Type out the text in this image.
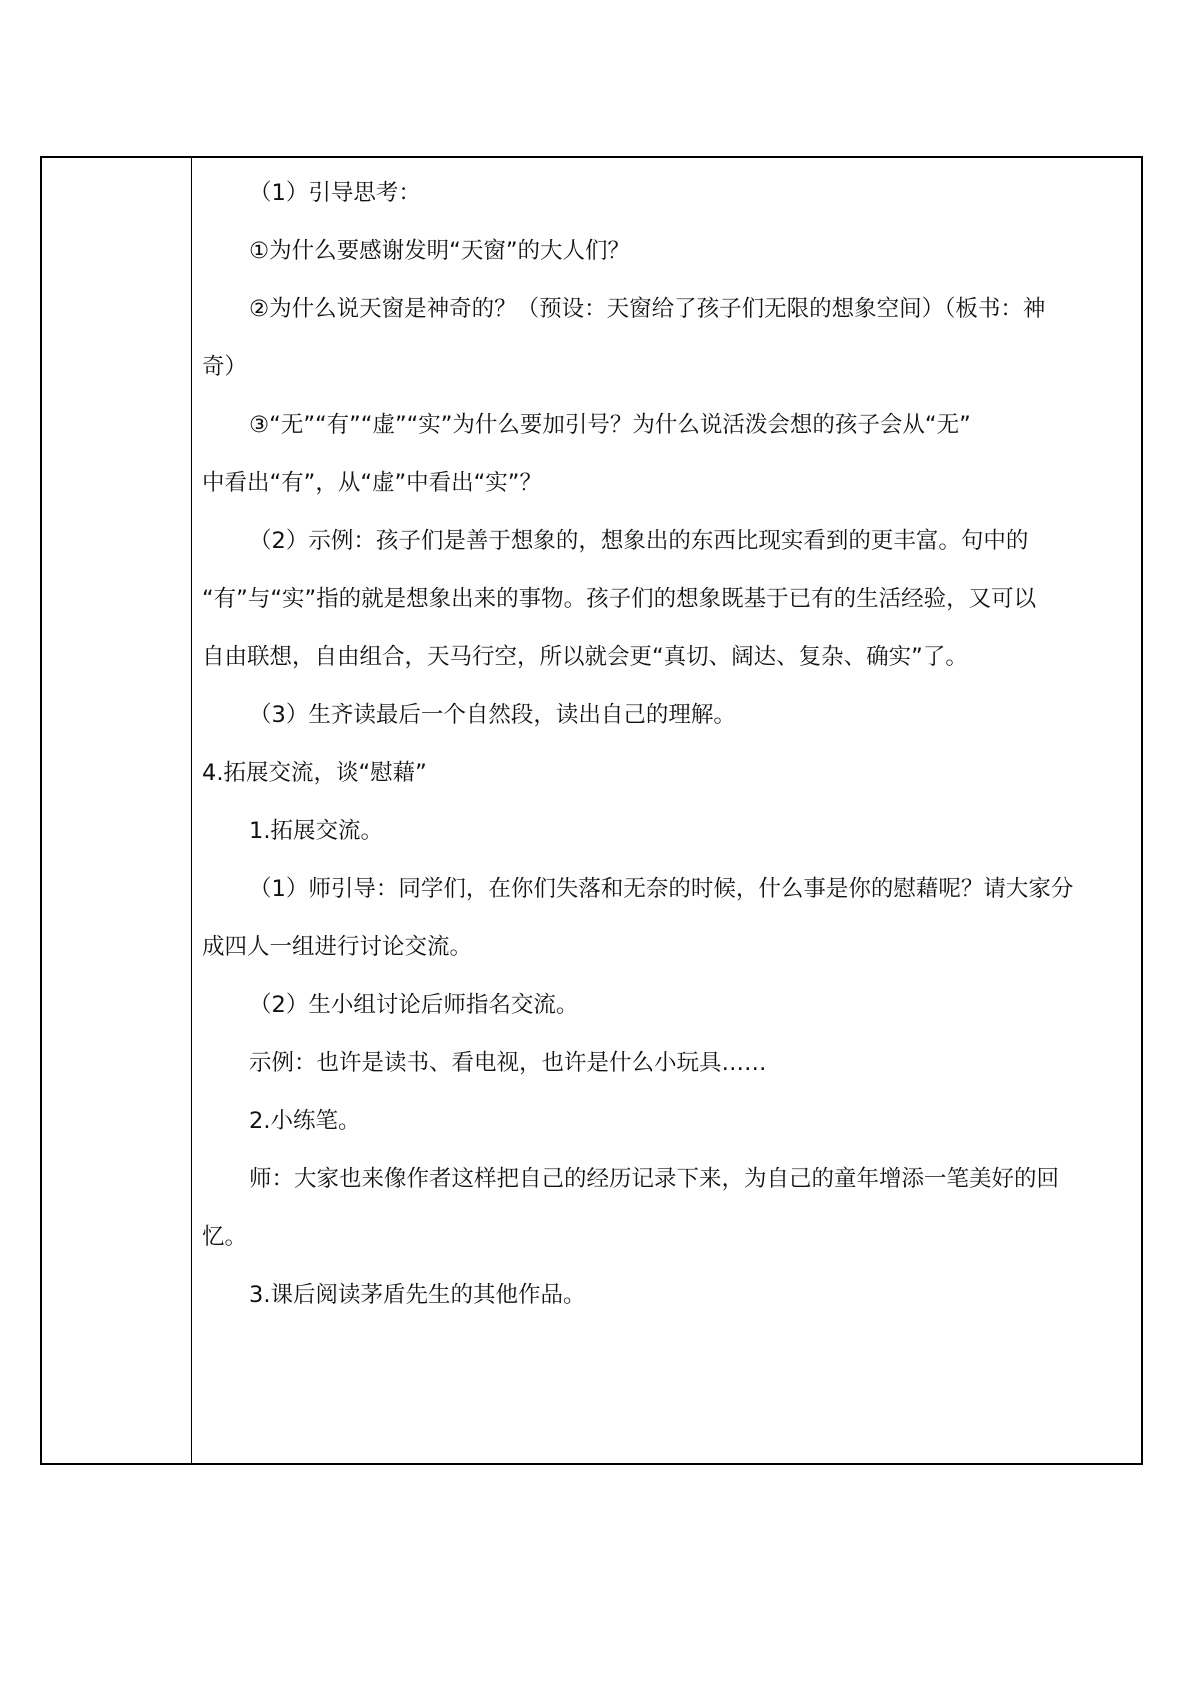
（1）引导思考：
①为什么要感谢发明“天窗”的大人们？
②为什么说天窗是神奇的？（预设：天窗给了孩子们无限的想象空间）（板书：神
奇）
③“无”“有”“虚”“实”为什么要加引号？为什么说活泼会想的孩子会从“无”
中看出“有”，从“虚”中看出“实”？
（2）示例：孩子们是善于想象的，想象出的东西比现实看到的更丰富。句中的
“有”与“实”指的就是想象出来的事物。孩子们的想象既基于已有的生活经验，又可以
自由联想，自由组合，天马行空，所以就会更“真切、阔达、复杂、确实”了。
（3）生齐读最后一个自然段，读出自己的理解。
4.拓展交流，谈“慰藉”
1.拓展交流。
（1）师引导：同学们，在你们失落和无奈的时候，什么事是你的慰藉呢？请大家分
成四人一组进行讨论交流。
（2）生小组讨论后师指名交流。
示例：也许是读书、看电视，也许是什么小玩具……
2.小练笔。
师：大家也来像作者这样把自己的经历记录下来，为自己的童年增添一笔美好的回
忆。
3.课后阅读茅盾先生的其他作品。
